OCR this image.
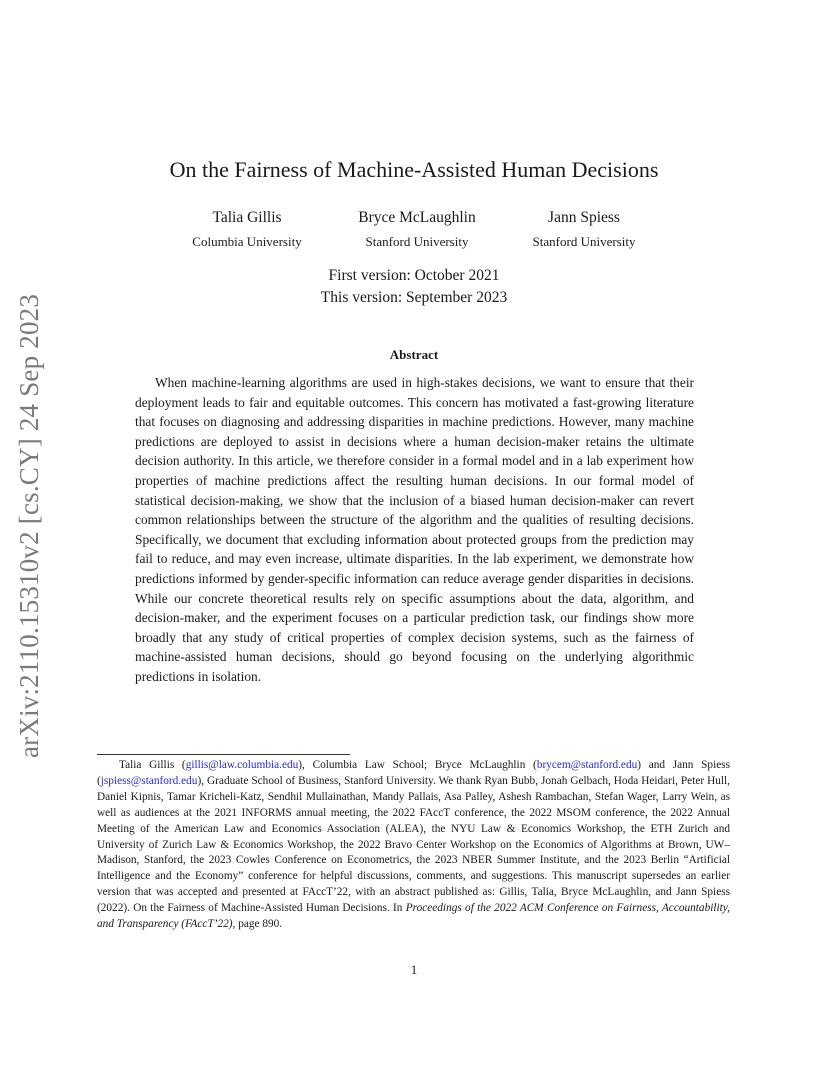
arXiv:2110.15310v2 [cs.CY] 24 Sep 2023
On the Fairness of Machine-Assisted Human Decisions
Talia Gillis
Columbia University
Bryce McLaughlin
Stanford University
Jann Spiess
Stanford University
First version: October 2021
This version: September 2023
Abstract

When machine-learning algorithms are used in high-stakes decisions, we want to ensure that their deployment leads to fair and equitable outcomes. This concern has motivated a fast-growing literature that focuses on diagnosing and addressing disparities in machine predictions. However, many machine predictions are deployed to assist in decisions where a human decision-maker retains the ultimate decision authority. In this article, we therefore consider in a formal model and in a lab experiment how properties of machine predictions affect the resulting human decisions. In our formal model of statistical decision-making, we show that the inclusion of a biased human decision-maker can revert common relationships between the structure of the algorithm and the qualities of resulting decisions. Specifically, we document that excluding information about protected groups from the prediction may fail to reduce, and may even increase, ultimate disparities. In the lab experiment, we demonstrate how predictions informed by gender-specific information can reduce average gender disparities in decisions. While our concrete theoretical results rely on specific assumptions about the data, algorithm, and decision-maker, and the experiment focuses on a particular prediction task, our findings show more broadly that any study of critical properties of complex decision systems, such as the fairness of machine-assisted human decisions, should go beyond focusing on the underlying algorithmic predictions in isolation.

Talia Gillis (gillis@law.columbia.edu), Columbia Law School; Bryce McLaughlin (brycem@stanford.edu) and Jann Spiess (jspiess@stanford.edu), Graduate School of Business, Stanford University. We thank Ryan Bubb, Jonah Gelbach, Hoda Heidari, Peter Hull, Daniel Kipnis, Tamar Kricheli-Katz, Sendhil Mullainathan, Mandy Pallais, Asa Palley, Ashesh Rambachan, Stefan Wager, Larry Wein, as well as audiences at the 2021 INFORMS annual meeting, the 2022 FAccT conference, the 2022 MSOM conference, the 2022 Annual Meeting of the American Law and Economics Association (ALEA), the NYU Law & Economics Workshop, the ETH Zurich and University of Zurich Law & Economics Workshop, the 2022 Bravo Center Workshop on the Economics of Algorithms at Brown, UW–Madison, Stanford, the 2023 Cowles Conference on Econometrics, the 2023 NBER Summer Institute, and the 2023 Berlin “Artificial Intelligence and the Economy” conference for helpful discussions, comments, and suggestions. This manuscript supersedes an earlier version that was accepted and presented at FAccT’22, with an abstract published as: Gillis, Talia, Bryce McLaughlin, and Jann Spiess (2022). On the Fairness of Machine-Assisted Human Decisions. In Proceedings of the 2022 ACM Conference on Fairness, Accountability, and Transparency (FAccT’22), page 890.

1
